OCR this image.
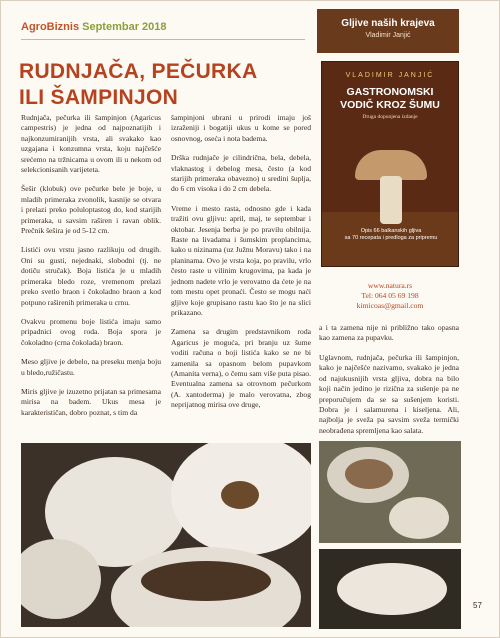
AgroBiznis Septembar 2018
RUDNJAČA, PEČURKA
ILI ŠAMPINJON

Rudnjača, pečurka ili šampinjon (Agaricus campestris) je jedna od najpoznatijih i najkonzumiranijih vrsta, ali svakako kao uzgajana i konzumna vrsta, koju najčešće srećemo na tržnicama u ovom ili u nekom od selekcionisanih varijeteta.

Šešir (klobuk) ove pečurke bele je boje, u mladih primeraka zvonolik, kasnije se otvara i prelazi preko poluloptastog do, kod starijih primeraka, u savsim raširen i ravan oblik. Prečnik šešira je od 5-12 cm.

Listići ovu vrstu jasno razlikuju od drugih. Oni su gusti, nejednaki, slobodni (tj. ne dotiču stručak). Boja listića je u mladih primeraka bledo roze, vremenom prelazi preko svetlo braon i čokoladno braon a kod potpuno raširenih primeraka u crnu.

Ovakvu promenu boje listića imaju samo pripadnici ovog roda. Boja spora je čokoladno (crna čokolada) braon.

Meso gljive je debelo, na preseku menja boju u bledo,ružičastu.

Miris gljive je izuzetno prijatan sa primesama mirisa na badem. Ukus mesa je karakterističan, dobro poznat, s tim da

šampinjoni ubrani u prirodi imaju još izraženiji i bogatiji ukus u kome se pored osnovnog, oseća i nota badema.

Drška rudnjače je cilindrična, bela, debela, vlaknastog i debelog mesa, često (a kod starijih primeraka obavezno) u sredini šuplja, do 6 cm visoka i do 2 cm debela.

Vreme i mesto rasta, odnosno gde i kada tražiti ovu gljivu: april, maj, te septembar i oktobar. Jesenja berba je po pravilu obilnija. Raste na livadama i šumskim proplancima, kako u nizinama (uz Južnu Moravu) tako i na planinama. Ovo je vrsta koja, po pravilu, vrlo često raste u vilinim krugovima, pa kada je jednom nadete vrlo je verovatno da ćete je na tom mestu opet pronaći. Često se mogu naći gljive koje grupisano rastu kao što je na slici prikazano.

Zamena sa drugim predstavnikom roda Agaricus je moguća, pri branju uz šume voditi računa o boji listića kako se ne bi zamenila sa opasnom belom pupavkom (Amanita verna), o čemu sam više puta pisao. Eventualna zamena sa otrovnom pečurkom (A. xantoderma) je malo verovatna, zbog neprijatnog mirisa ove druge,

Gljive naših krajeva
Vladimir Janjić
VLADIMIR JANJIĆ
GASTRONOMSKI
VODIČ KROZ ŠUMU
Druga dopunjena izdanje
Opis 66 balkanskih gljiva
sa 70 recepata i predloga za pripremu
www.natura.rs
Tel: 064 05 69 198
kimicoas@gmail.com

a i ta zamena nije ni približno tako opasna kao zamena za pupavku.

Uglavnom, rudnjača, pečurka ili šampinjon, kako je najčešće nazivamo, svakako je jedna od najukusnijih vrsta gljiva, dobra na bilo koji način jedino je rizična za sušenje pa ne preporučujem da se sa sušenjem koristi. Dobra je i salamurena i kiseljena. Ali, najbolja je sveža pa savsim sveža termički neobrađena spremljena kao salata.

57
